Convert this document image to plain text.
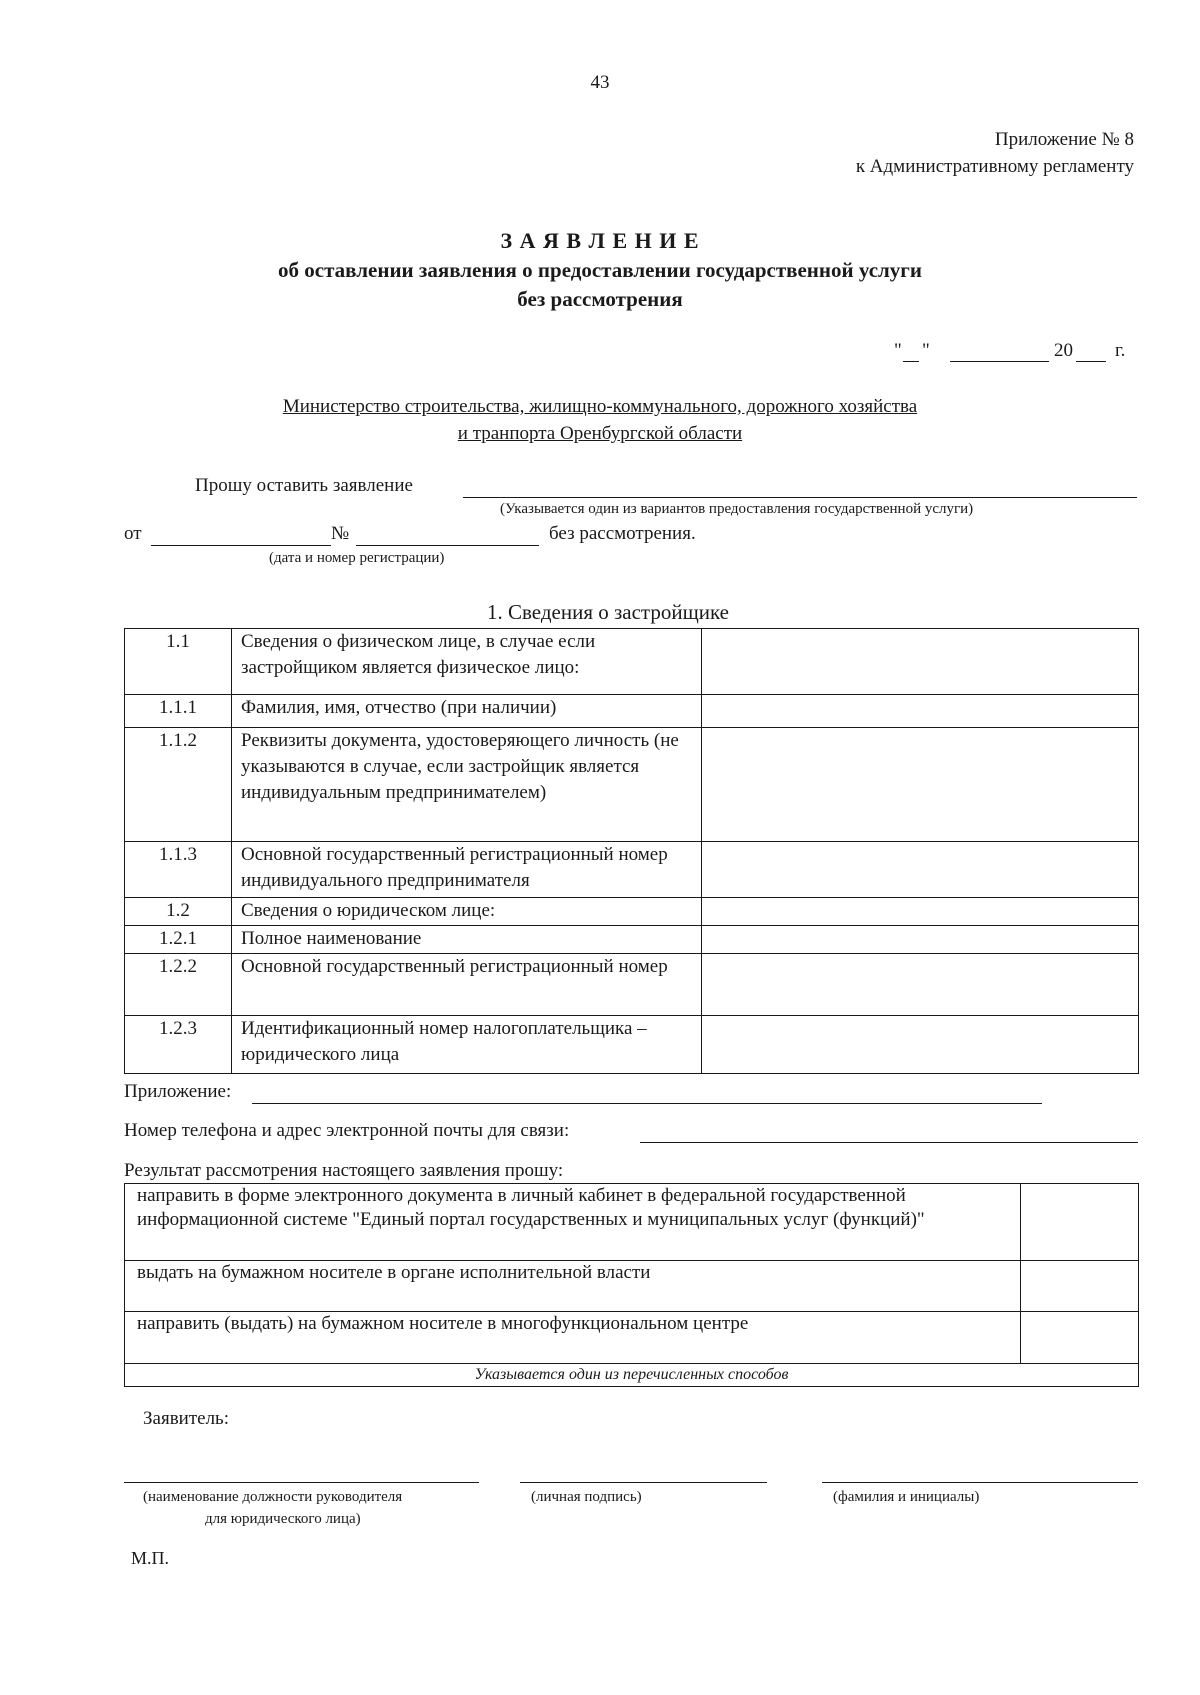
43
Приложение № 8
к Административному регламенту
З А Я В Л Е Н И Е
об оставлении заявления о предоставлении государственной услуги
без рассмотрения
" "	20 г.
Министерство строительства, жилищно-коммунального, дорожного хозяйства
и транпорта Оренбургской области
Прошу оставить заявление
(Указывается один из вариантов предоставления государственной услуги)
от	№	без рассмотрения.
(дата и номер регистрации)
1. Сведения о застройщике
1.1	Сведения о физическом лице, в случае если застройщиком является физическое лицо:	
1.1.1	Фамилия, имя, отчество (при наличии)	
1.1.2	Реквизиты документа, удостоверяющего личность (не указываются в случае, если застройщик является индивидуальным предпринимателем)	
1.1.3	Основной государственный регистрационный номер индивидуального предпринимателя	
1.2	Сведения о юридическом лице:	
1.2.1	Полное наименование	
1.2.2	Основной государственный регистрационный номер	
1.2.3	Идентификационный номер налогоплательщика – юридического лица	
Приложение:
Номер телефона и адрес электронной почты для связи:
Результат рассмотрения настоящего заявления прошу:
направить в форме электронного документа в личный кабинет в федеральной государственной информационной системе "Единый портал государственных и муниципальных услуг (функций)"	
выдать на бумажном носителе в органе исполнительной власти	
направить (выдать) на бумажном носителе в многофункциональном центре	
Указывается один из перечисленных способов	
Заявитель:
(наименование должности руководителя
для юридического лица)
(личная подпись)	(фамилия и инициалы)
М.П.
